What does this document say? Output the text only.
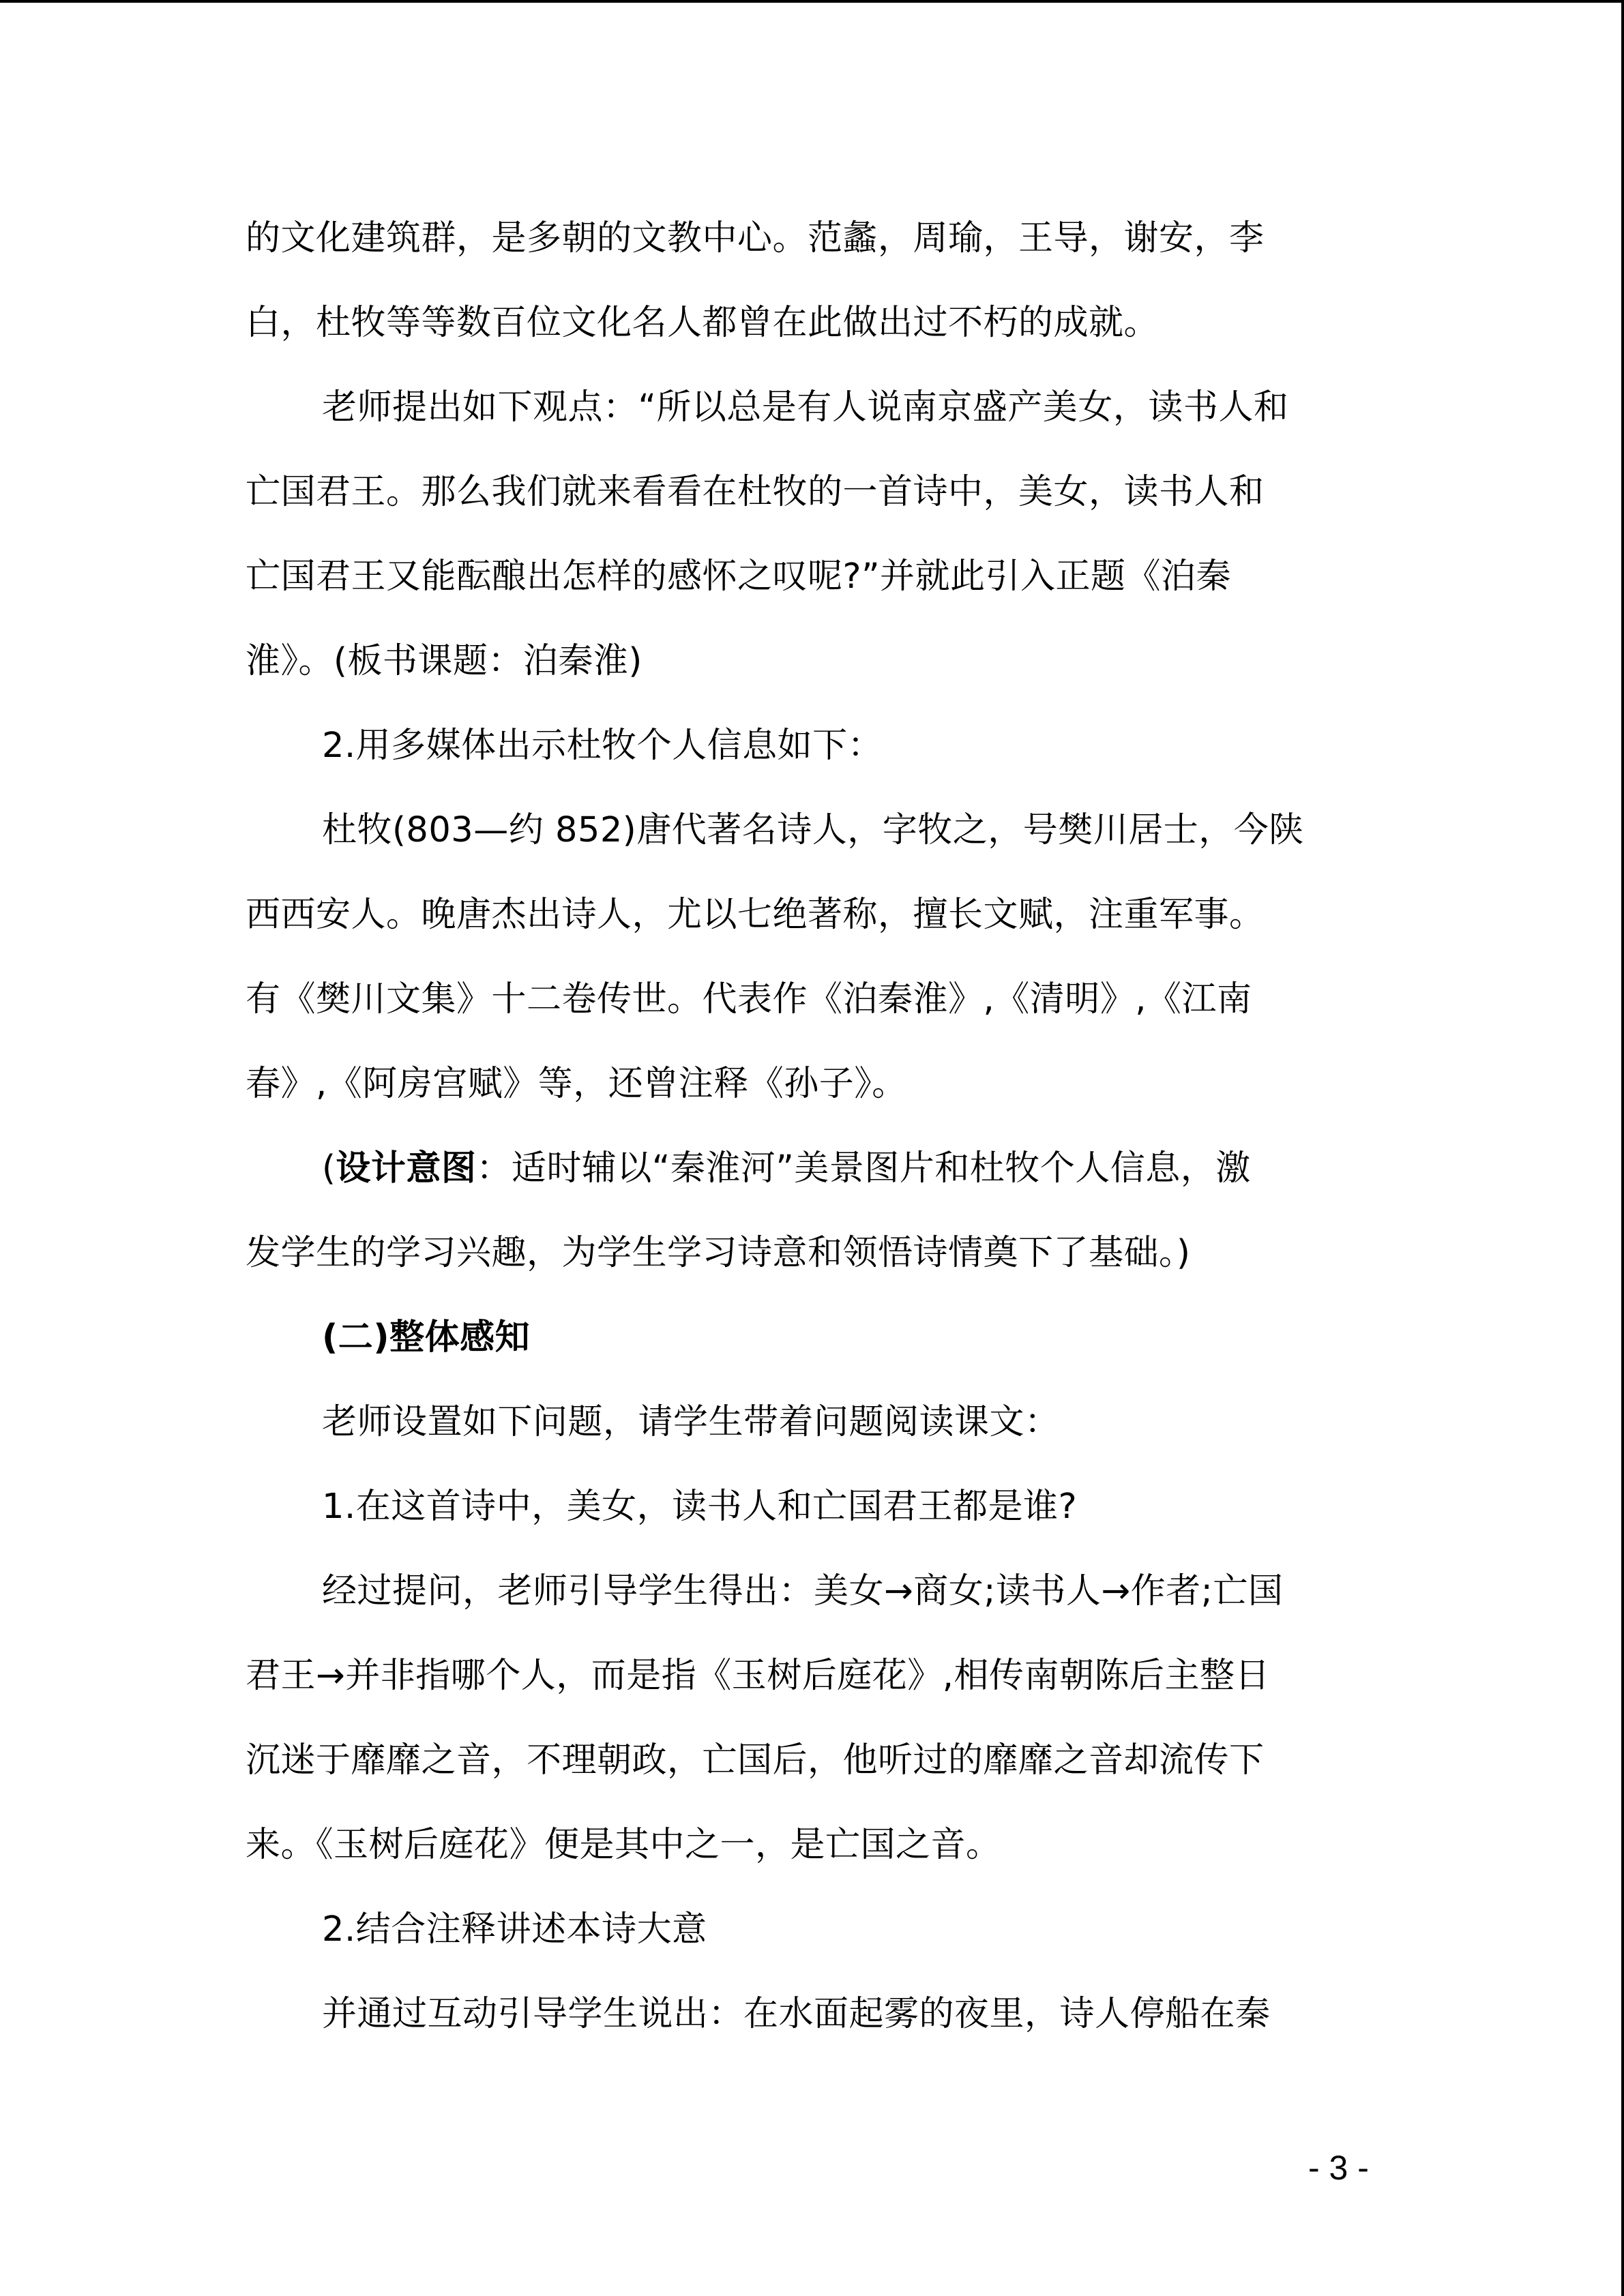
的文化建筑群，是多朝的文教中心。范蠡，周瑜，王导，谢安，李
白，杜牧等等数百位文化名人都曾在此做出过不朽的成就。
老师提出如下观点：“所以总是有人说南京盛产美女，读书人和
亡国君王。那么我们就来看看在杜牧的一首诗中，美女，读书人和
亡国君王又能酝酿出怎样的感怀之叹呢?”并就此引入正题《泊秦
淮》。(板书课题：泊秦淮)
2.用多媒体出示杜牧个人信息如下：
杜牧(803—约 852)唐代著名诗人，字牧之，号樊川居士，今陕
西西安人。晚唐杰出诗人，尤以七绝著称，擅长文赋，注重军事。
有《樊川文集》十二卷传世。代表作《泊秦淮》,《清明》,《江南
春》,《阿房宫赋》等，还曾注释《孙子》。
(设计意图：适时辅以“秦淮河”美景图片和杜牧个人信息，激
发学生的学习兴趣，为学生学习诗意和领悟诗情奠下了基础。)
(二)整体感知
老师设置如下问题，请学生带着问题阅读课文：
1.在这首诗中，美女，读书人和亡国君王都是谁?
经过提问，老师引导学生得出：美女→商女;读书人→作者;亡国
君王→并非指哪个人，而是指《玉树后庭花》,相传南朝陈后主整日
沉迷于靡靡之音，不理朝政，亡国后，他听过的靡靡之音却流传下
来。《玉树后庭花》便是其中之一，是亡国之音。
2.结合注释讲述本诗大意
并通过互动引导学生说出：在水面起雾的夜里，诗人停船在秦
- 3 -
